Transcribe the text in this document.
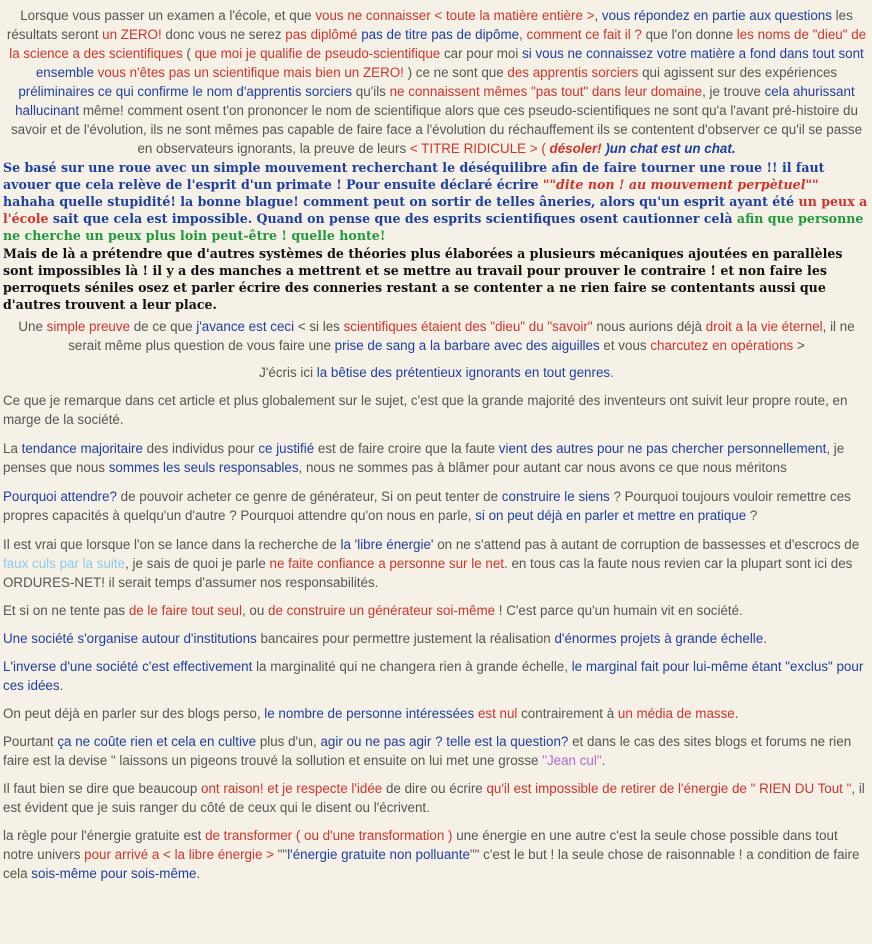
Lorsque vous passer un examen a l'école, et que vous ne connaisser < toute la matière entière >, vous répondez en partie aux questions les résultats seront un ZERO! donc vous ne serez pas diplômé pas de titre pas de dipôme, comment ce fait il ? que l'on donne les noms de "dieu" de la science a des scientifiques ( que moi je qualifie de pseudo-scientifique car pour moi si vous ne connaissez votre matière a fond dans tout sont ensemble vous n'êtes pas un scientifique mais bien un ZERO! ) ce ne sont que des apprentis sorciers qui agissent sur des expériences préliminaires ce qui confirme le nom d'apprentis sorciers qu'ils ne connaissent mêmes "pas tout" dans leur domaine, je trouve cela ahurissant hallucinant même! comment osent t'on prononcer le nom de scientifique alors que ces pseudo-scientifiques ne sont qu'a l'avant pré-histoire du savoir et de l'évolution, ils ne sont mêmes pas capable de faire face a l'évolution du réchauffement ils se contentent d'observer ce qu'il se passe en observateurs ignorants, la preuve de leurs < TITRE RIDICULE > ( désoler! )un chat est un chat.

Se basé sur une roue avec un simple mouvement recherchant le déséquilibre afin de faire tourner une roue !! il faut avouer que cela relève de l'esprit d'un primate ! Pour ensuite déclaré écrire ""dite non ! au mouvement perpètuel"" hahaha quelle stupidité! la bonne blague! comment peut on sortir de telles âneries, alors qu'un esprit ayant été un peux a l'école sait que cela est impossible. Quand on pense que des esprits scientifiques osent cautionner celà afin que personne ne cherche un peux plus loin peut-être ! quelle honte!

Mais de là a prétendre que d'autres systèmes de théories plus élaborées a plusieurs mécaniques ajoutées en parallèles sont impossibles là ! il y a des manches a mettrent et se mettre au travail pour prouver le contraire ! et non faire les perroquets séniles osez et parler écrire des conneries restant a se contenter a ne rien faire se contentants aussi que d'autres trouvent a leur place.

Une simple preuve de ce que j'avance est ceci < si les scientifiques étaient des "dieu" du "savoir" nous aurions déjà droit a la vie éternel, il ne serait même plus question de vous faire une prise de sang a la barbare avec des aiguilles et vous charcutez en opérations >

J'écris ici la bêtise des prétentieux ignorants en tout genres.

Ce que je remarque dans cet article et plus globalement sur le sujet, c'est que la grande majorité des inventeurs ont suivit leur propre route, en marge de la société.

La tendance majoritaire des individus pour ce justifié est de faire croire que la faute vient des autres pour ne pas chercher personnellement, je penses que nous sommes les seuls responsables, nous ne sommes pas à blâmer pour autant car nous avons ce que nous méritons

Pourquoi attendre? de pouvoir acheter ce genre de générateur, Si on peut tenter de construire le siens ? Pourquoi toujours vouloir remettre ces propres capacités à quelqu'un d'autre ? Pourquoi attendre qu'on nous en parle, si on peut déjà en parler et mettre en pratique ?

Il est vrai que lorsque l'on se lance dans la recherche de la 'libre énergie' on ne s'attend pas à autant de corruption de bassesses et d'escrocs de faux culs par la suite, je sais de quoi je parle ne faite confiance a personne sur le net. en tous cas la faute nous revien car la plupart sont ici des ORDURES-NET! il serait temps d'assumer nos responsabilités.

Et si on ne tente pas de le faire tout seul, ou de construire un générateur soi-même ! C'est parce qu'un humain vit en société.

Une société s'organise autour d'institutions bancaires pour permettre justement la réalisation d'énormes projets à grande échelle.

L'inverse d'une société c'est effectivement la marginalité qui ne changera rien à grande échelle, le marginal fait pour lui-même étant "exclus" pour ces idées.

On peut déjà en parler sur des blogs perso, le nombre de personne intéressées est nul contrairement à un média de masse.

Pourtant ça ne coûte rien et cela en cultive plus d'un, agir ou ne pas agir ? telle est la question? et dans le cas des sites blogs et forums ne rien faire est la devise " laissons un pigeons trouvé la sollution et ensuite on lui met une grosse "Jean cul".

Il faut bien se dire que beaucoup ont raison! et je respecte l'idée de dire ou écrire qu'il est impossible de retirer de l'énergie de " RIEN DU Tout ", il est évident que je suis ranger du côté de ceux qui le disent ou l'écrivent.

la règle pour l'énergie gratuite est de transformer ( ou d'une transformation ) une énergie en une autre c'est la seule chose possible dans tout notre univers pour arrivé a < la libre énergie > ""l'énergie gratuite non polluante"" c'est le but ! la seule chose de raisonnable ! a condition de faire cela sois-même pour sois-même.
